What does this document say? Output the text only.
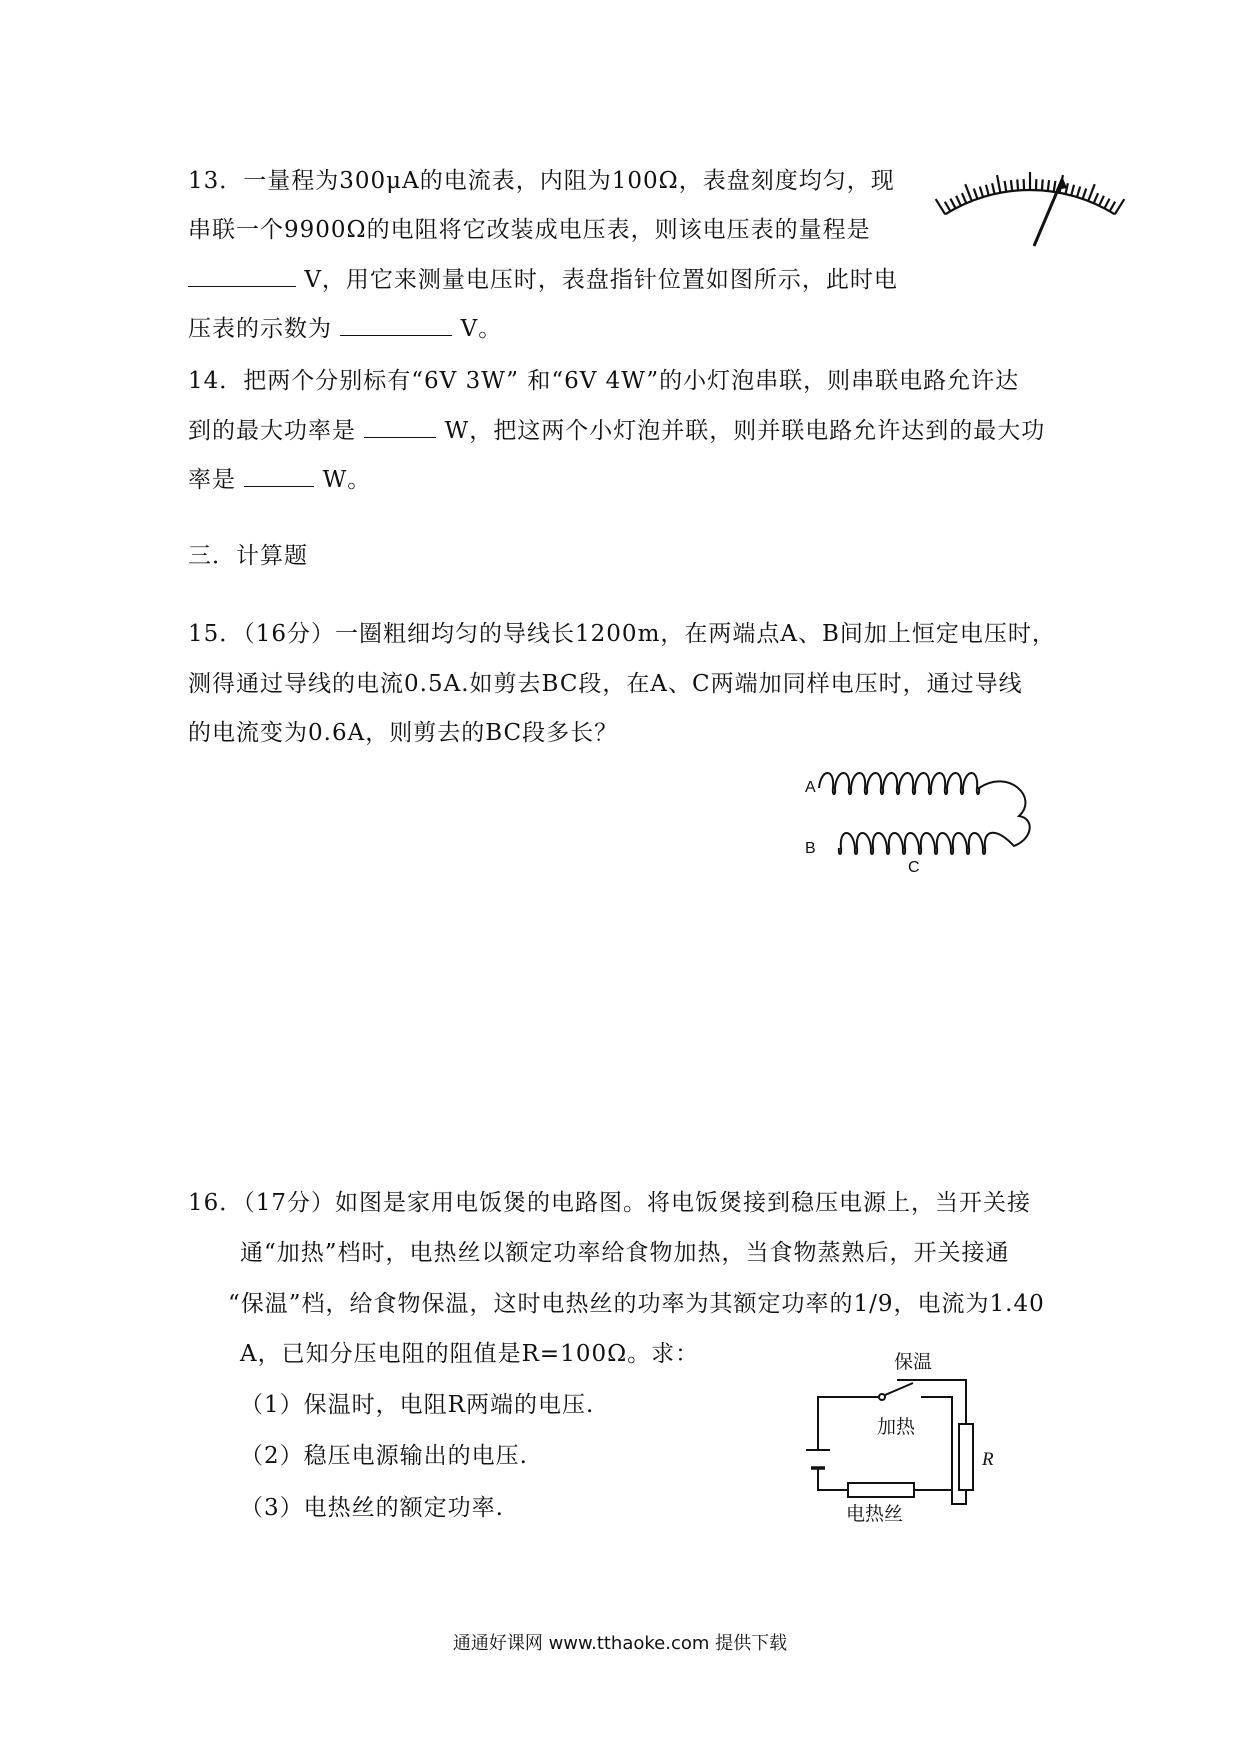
13．一量程为300μA的电流表，内阻为100Ω，表盘刻度均匀，现
串联一个9900Ω的电阻将它改装成电压表，则该电压表的量程是
V，用它来测量电压时，表盘指针位置如图所示，此时电
压表的示数为	V。
14．把两个分别标有“6V 3W” 和“6V 4W”的小灯泡串联，则串联电路允许达
到的最大功率是	W，把这两个小灯泡并联，则并联电路允许达到的最大功
率是	W。
三．计算题
15．（16分）一圈粗细均匀的导线长1200m，在两端点A、B间加上恒定电压时，
测得通过导线的电流0.5A.如剪去BC段，在A、C两端加同样电压时，通过导线
的电流变为0.6A，则剪去的BC段多长？
A
B
C
16．（17分）如图是家用电饭煲的电路图。将电饭煲接到稳压电源上，当开关接
通“加热”档时，电热丝以额定功率给食物加热，当食物蒸熟后，开关接通
“保温”档，给食物保温，这时电热丝的功率为其额定功率的1/9，电流为1.40
A，已知分压电阻的阻值是R=100Ω。求：
（1）保温时，电阻R两端的电压.
（2）稳压电源输出的电压.
（3）电热丝的额定功率.
保温
加热
R
电热丝
通通好课网 www.tthaoke.com 提供下载
